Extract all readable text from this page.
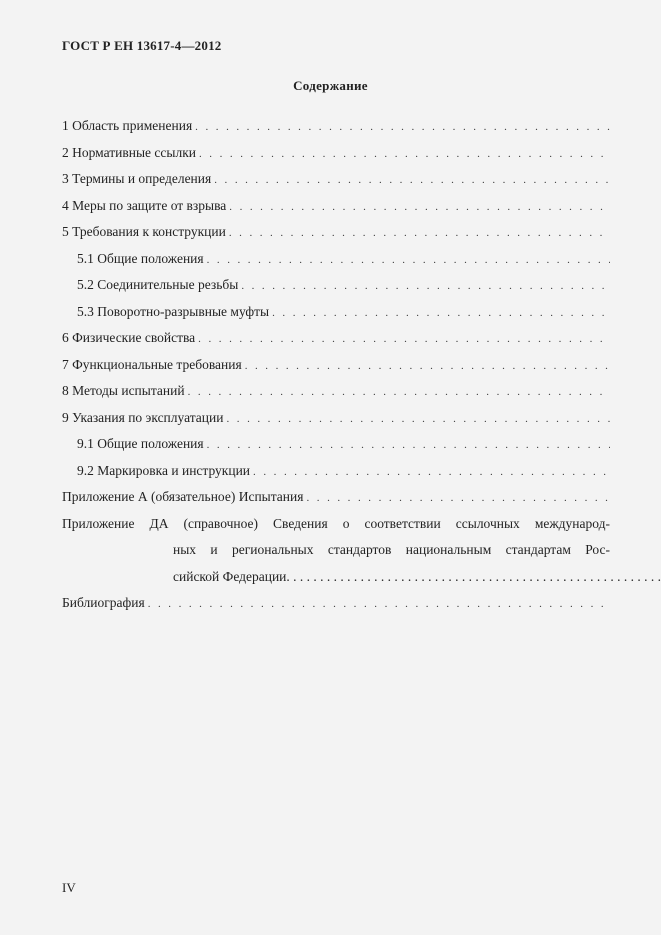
ГОСТ Р ЕН 13617-4—2012
Содержание
1 Область применения
. . .
2 Нормативные ссылки
. . .
3 Термины и определения
. . .
4 Меры по защите от взрыва
. . .
5 Требования к конструкции
. . .
5.1 Общие положения
. . .
5.2 Соединительные резьбы
. . .
5.3 Поворотно-разрывные муфты
. . .
6 Физические свойства
. . .
7 Функциональные требования
. . .
8 Методы испытаний
. . .
9 Указания по эксплуатации
. . .
9.1 Общие положения
. . .
9.2 Маркировка и инструкции
. . .
Приложение А (обязательное) Испытания
. . .
Приложение ДА (справочное) Сведения о соответствии ссылочных международ-
ных и региональных стандартов национальным стандартам Рос-
сийской Федерации
. . .
Библиография
. . .
IV
